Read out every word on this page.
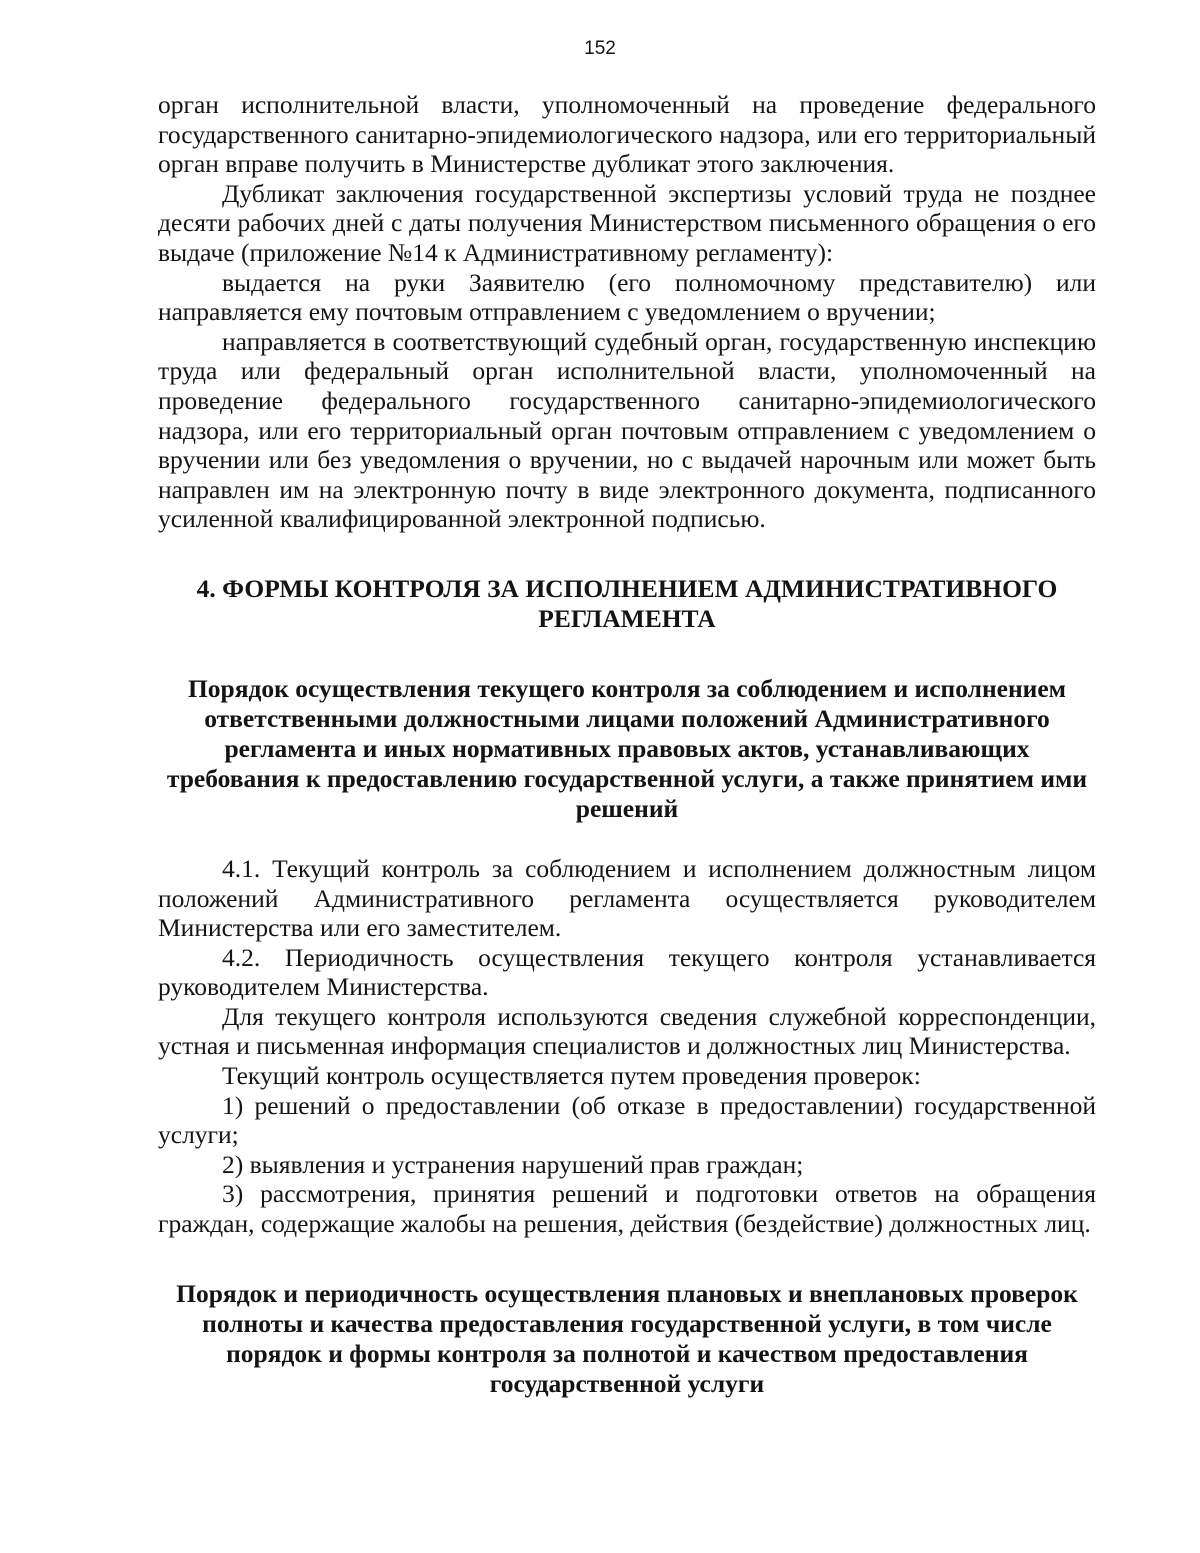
152

орган исполнительной власти, уполномоченный на проведение федерального государственного санитарно-эпидемиологического надзора, или его территориальный орган вправе получить в Министерстве дубликат этого заключения.

Дубликат заключения государственной экспертизы условий труда не позднее десяти рабочих дней с даты получения Министерством письменного обращения о его выдаче (приложение №14 к Административному регламенту):

выдается на руки Заявителю (его полномочному представителю) или направляется ему почтовым отправлением с уведомлением о вручении;

направляется в соответствующий судебный орган, государственную инспекцию труда или федеральный орган исполнительной власти, уполномоченный на проведение федерального государственного санитарно-эпидемиологического надзора, или его территориальный орган почтовым отправлением с уведомлением о вручении или без уведомления о вручении, но с выдачей нарочным или может быть направлен им на электронную почту в виде электронного документа, подписанного усиленной квалифицированной электронной подписью.

4. ФОРМЫ КОНТРОЛЯ ЗА ИСПОЛНЕНИЕМ АДМИНИСТРАТИВНОГО РЕГЛАМЕНТА
Порядок осуществления текущего контроля за соблюдением и исполнением ответственными должностными лицами положений Административного регламента и иных нормативных правовых актов, устанавливающих требования к предоставлению государственной услуги, а также принятием ими решений

4.1. Текущий контроль за соблюдением и исполнением должностным лицом положений Административного регламента осуществляется руководителем Министерства или его заместителем.

4.2. Периодичность осуществления текущего контроля устанавливается руководителем Министерства.

Для текущего контроля используются сведения служебной корреспонденции, устная и письменная информация специалистов и должностных лиц Министерства.

Текущий контроль осуществляется путем проведения проверок:

1) решений о предоставлении (об отказе в предоставлении) государственной услуги;

2) выявления и устранения нарушений прав граждан;

3) рассмотрения, принятия решений и подготовки ответов на обращения граждан, содержащие жалобы на решения, действия (бездействие) должностных лиц.

Порядок и периодичность осуществления плановых и внеплановых проверок полноты и качества предоставления государственной услуги, в том числе порядок и формы контроля за полнотой и качеством предоставления государственной услуги
